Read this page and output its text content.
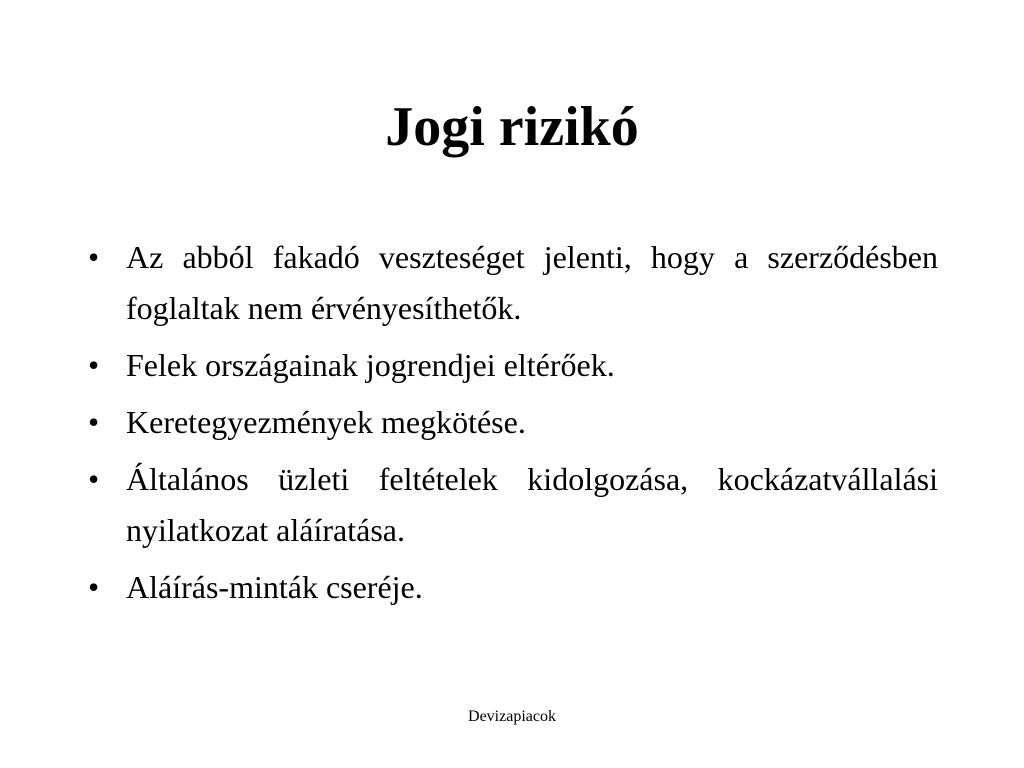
Jogi rizikó
• Az abból fakadó veszteséget jelenti, hogy a szerződésben foglaltak nem érvényesíthetők.
• Felek országainak jogrendjei eltérőek.
• Keretegyezmények megkötése.
• Általános üzleti feltételek kidolgozása, kockázatvállalási nyilatkozat aláíratása.
• Aláírás-minták cseréje.

Devizapiacok
